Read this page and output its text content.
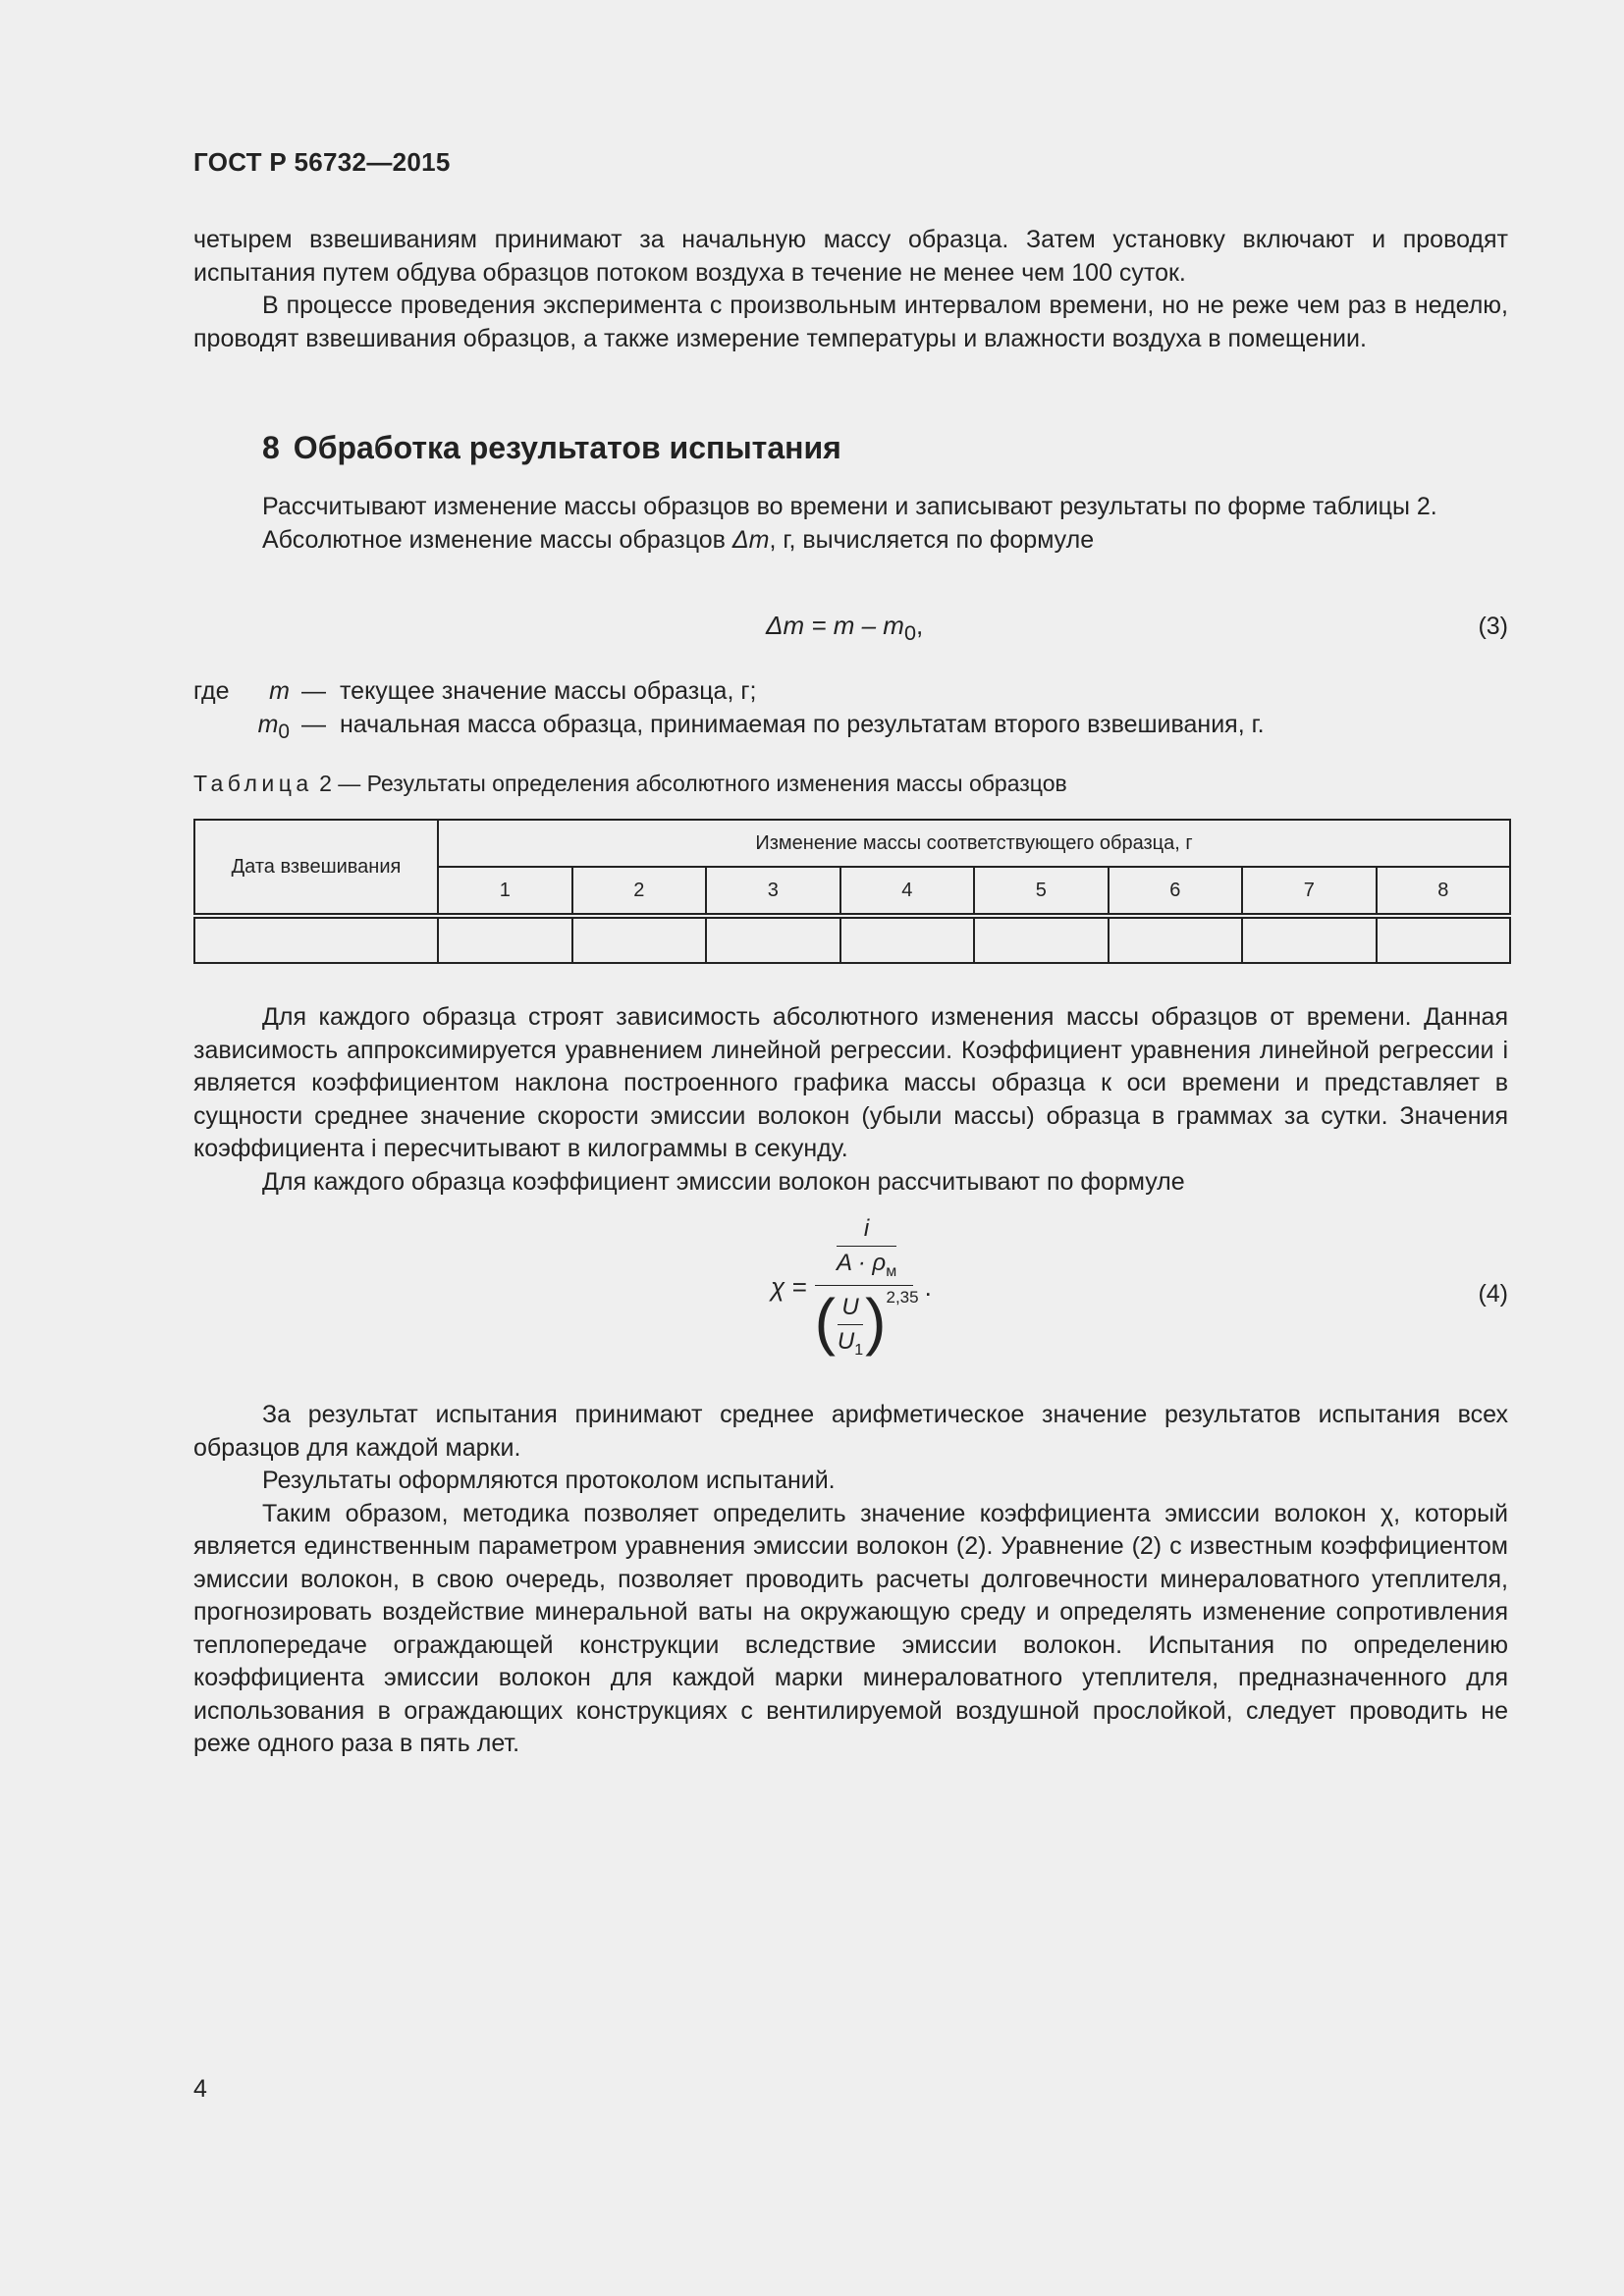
ГОСТ Р 56732—2015

четырем взвешиваниям принимают за начальную массу образца. Затем установку включают и проводят испытания путем обдува образцов потоком воздуха в течение не менее чем 100 суток.

В процессе проведения эксперимента с произвольным интервалом времени, но не реже чем раз в неделю, проводят взвешивания образцов, а также измерение температуры и влажности воздуха в помещении.

8 Обработка результатов испытания

Рассчитывают изменение массы образцов во времени и записывают результаты по форме таблицы 2.

Абсолютное изменение массы образцов Δm, г, вычисляется по формуле

$\Delta m = m - m_0$,	(3)
где	m — текущее значение массы образца, г;
$m_0$ — начальная масса образца, принимаемая по результатам второго взвешивания, г.
Таблица 2 — Результаты определения абсолютного изменения массы образцов
Дата взвешивания	Изменение массы соответствующего образца, г							
	1	2	3	4	5	6	7	8

Для каждого образца строят зависимость абсолютного изменения массы образцов от времени. Данная зависимость аппроксимируется уравнением линейной регрессии. Коэффициент уравнения линейной регрессии i является коэффициентом наклона построенного графика массы образца к оси времени и представляет в сущности среднее значение скорости эмиссии волокон (убыли массы) образца в граммах за сутки. Значения коэффициента i пересчитывают в килограммы в секунду.

Для каждого образца коэффициент эмиссии волокон рассчитывают по формуле

χ =
$\frac{i}{A \cdot \rho_м}$
( $\frac{U}{U_1}$ ) 2,35 .	(4)

За результат испытания принимают среднее арифметическое значение результатов испытания всех образцов для каждой марки.

Результаты оформляются протоколом испытаний.

Таким образом, методика позволяет определить значение коэффициента эмиссии волокон χ, который является единственным параметром уравнения эмиссии волокон (2). Уравнение (2) с известным коэффициентом эмиссии волокон, в свою очередь, позволяет проводить расчеты долговечности минераловатного утеплителя, прогнозировать воздействие минеральной ваты на окружающую среду и определять изменение сопротивления теплопередаче ограждающей конструкции вследствие эмиссии волокон. Испытания по определению коэффициента эмиссии волокон для каждой марки минераловатного утеплителя, предназначенного для использования в ограждающих конструкциях с вентилируемой воздушной прослойкой, следует проводить не реже одного раза в пять лет.

4
